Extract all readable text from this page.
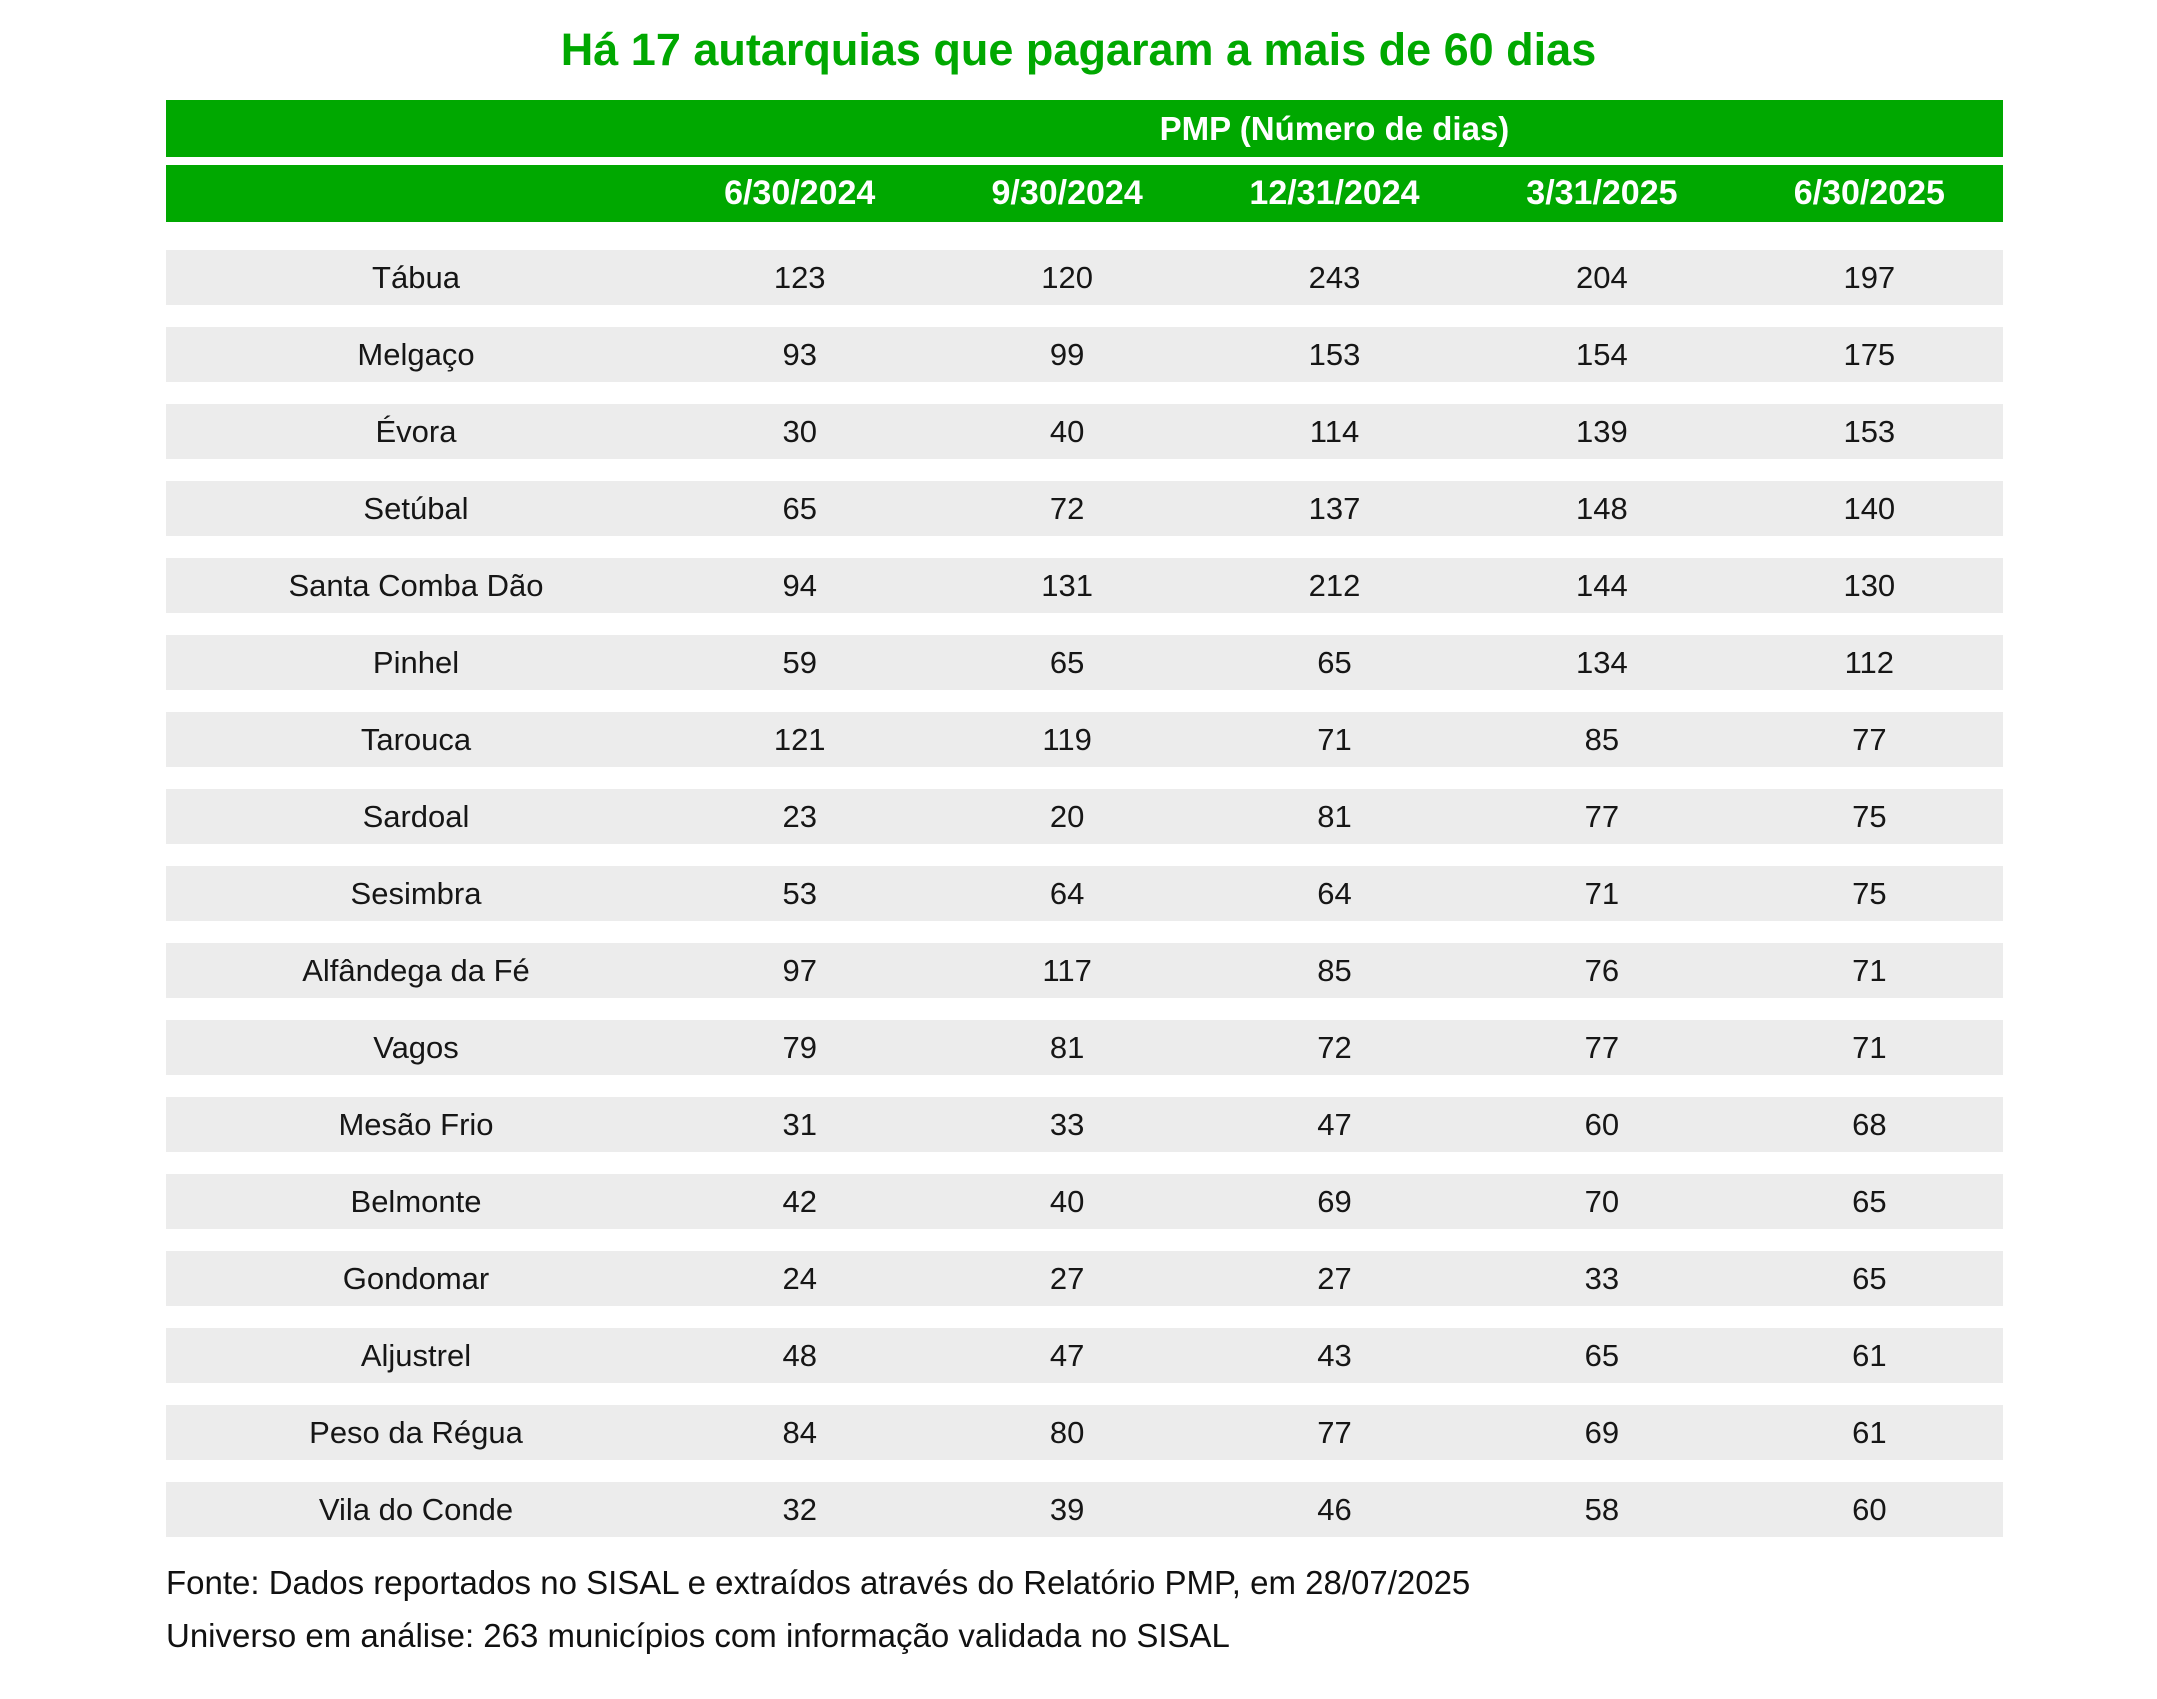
Há 17 autarquias que pagaram a mais de 60 dias
PMP (Número de dias)
6/30/2024	9/30/2024	12/31/2024	3/31/2025	6/30/2025
Tábua	123	120	243	204	197
Melgaço	93	99	153	154	175
Évora	30	40	114	139	153
Setúbal	65	72	137	148	140
Santa Comba Dão	94	131	212	144	130
Pinhel	59	65	65	134	112
Tarouca	121	119	71	85	77
Sardoal	23	20	81	77	75
Sesimbra	53	64	64	71	75
Alfândega da Fé	97	117	85	76	71
Vagos	79	81	72	77	71
Mesão Frio	31	33	47	60	68
Belmonte	42	40	69	70	65
Gondomar	24	27	27	33	65
Aljustrel	48	47	43	65	61
Peso da Régua	84	80	77	69	61
Vila do Conde	32	39	46	58	60
Fonte: Dados reportados no SISAL e extraídos através do Relatório PMP, em 28/07/2025
Universo em análise: 263 municípios com informação validada no SISAL
